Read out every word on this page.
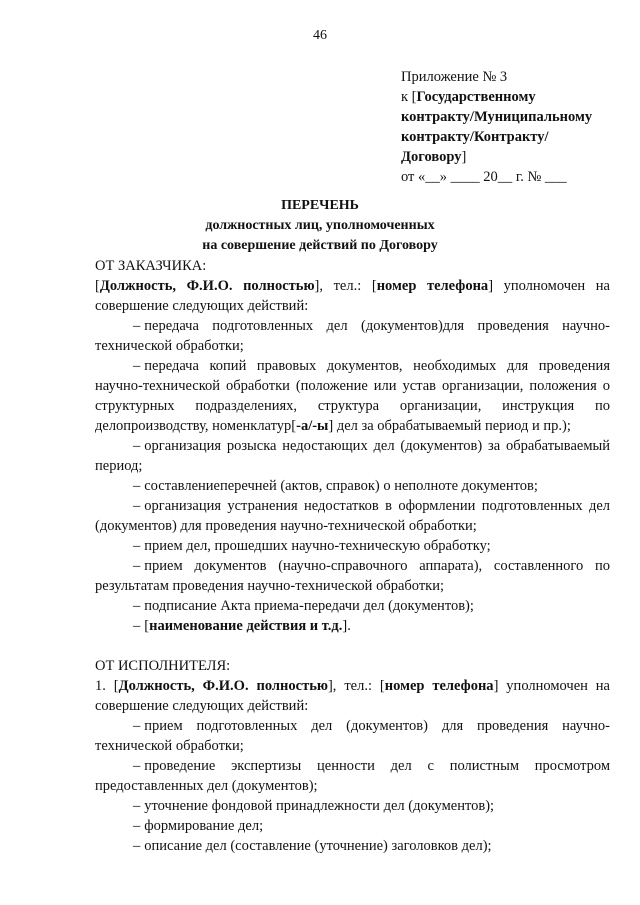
46
Приложение № 3
к [Государственному
контракту/Муниципальному
контракту/Контракту/
Договору]
от «__» ____ 20__ г. № ___
ПЕРЕЧЕНЬ
должностных лиц, уполномоченных
на совершение действий по Договору
ОТ ЗАКАЗЧИКА:

[Должность, Ф.И.О. полностью], тел.: [номер телефона] уполномочен на совершение следующих действий:

– передача подготовленных дел (документов)для проведения научно-технической обработки;

– передача копий правовых документов, необходимых для проведения научно-технической обработки (положение или устав организации, положения о структурных подразделениях, структура организации, инструкция по делопроизводству, номенклатур[-а/-ы] дел за обрабатываемый период и пр.);

– организация розыска недостающих дел (документов) за обрабатываемый период;

– составлениеперечней (актов, справок) о неполноте документов;

– организация устранения недостатков в оформлении подготовленных дел (документов) для проведения научно-технической обработки;

– прием дел, прошедших научно-техническую обработку;

– прием документов (научно-справочного аппарата), составленного по результатам проведения научно-технической обработки;

– подписание Акта приема-передачи дел (документов);

– [наименование действия и т.д.].

ОТ ИСПОЛНИТЕЛЯ:

1. [Должность, Ф.И.О. полностью], тел.: [номер телефона] уполномочен на совершение следующих действий:

– прием подготовленных дел (документов) для проведения научно-технической обработки;

– проведение экспертизы ценности дел с полистным просмотром предоставленных дел (документов);

– уточнение фондовой принадлежности дел (документов);

– формирование дел;

– описание дел (составление (уточнение) заголовков дел);
